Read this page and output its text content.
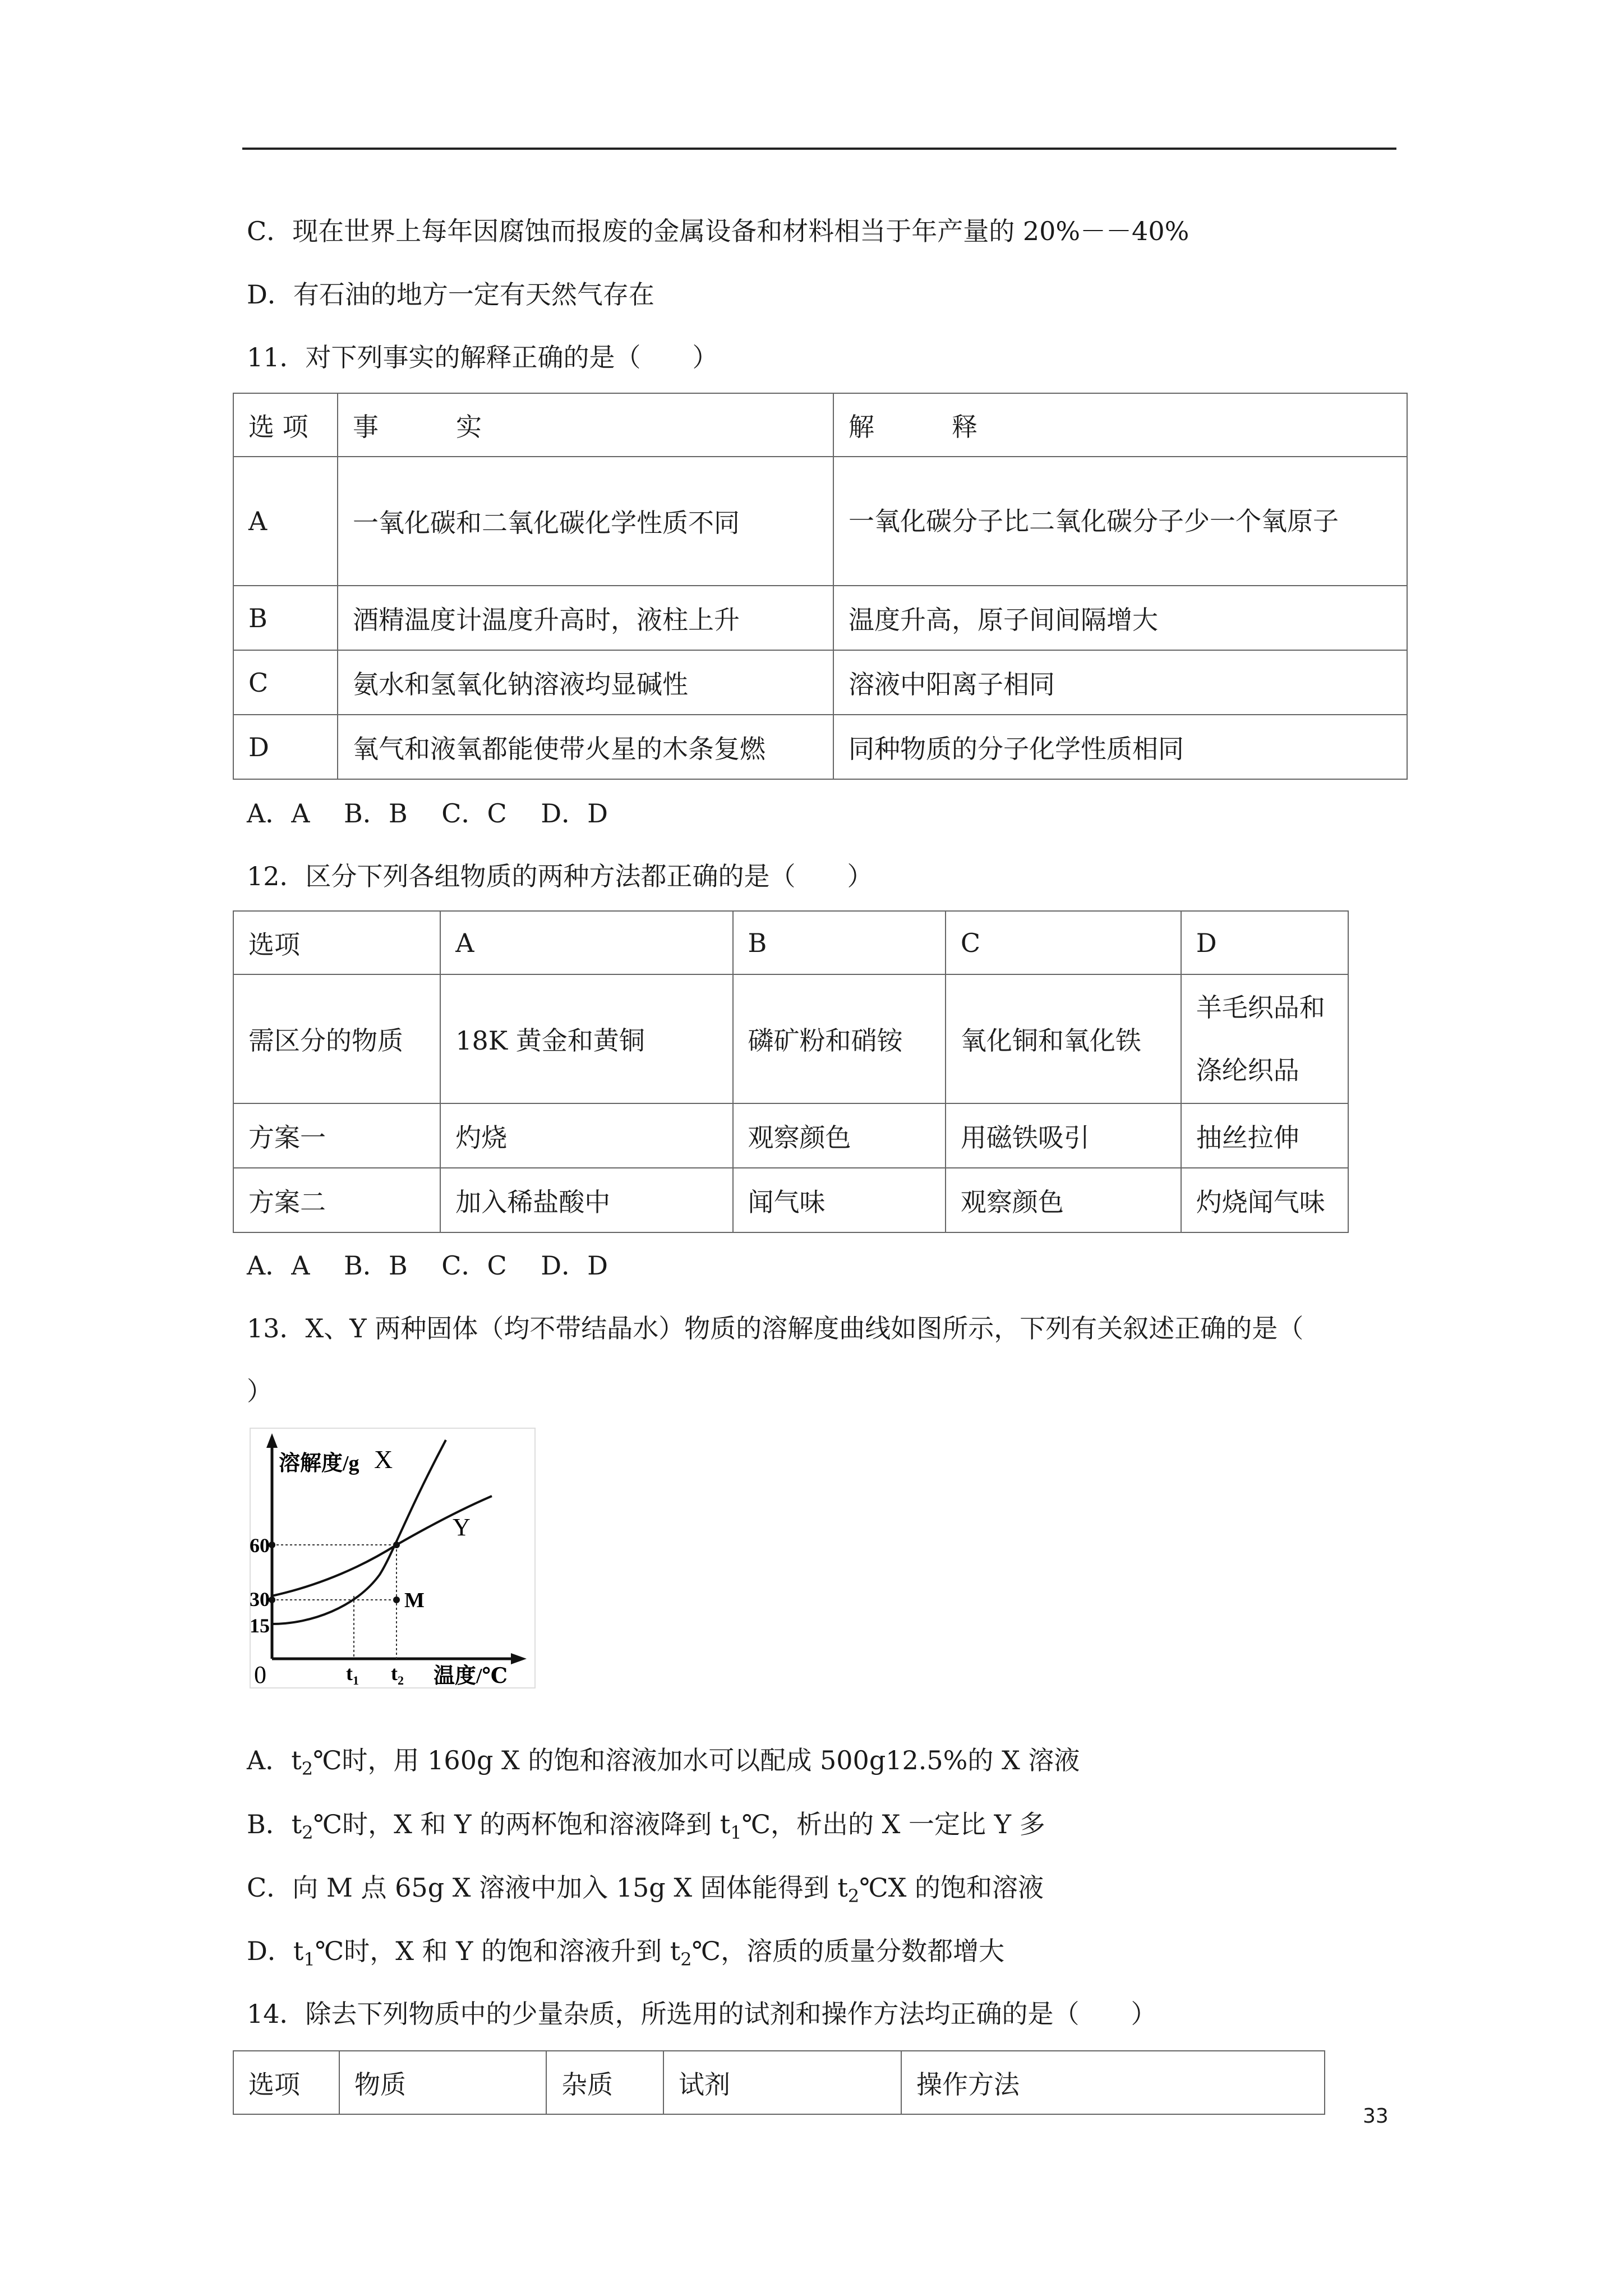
C．现在世界上每年因腐蚀而报废的金属设备和材料相当于年产量的 20%－－40%
D．有石油的地方一定有天然气存在
11．对下列事实的解释正确的是（　　）
选 项	事　　　实	解　　　释
A	一氧化碳和二氧化碳化学性质不同	一氧化碳分子比二氧化碳分子少一个氧原子
B	酒精温度计温度升高时，液柱上升	温度升高，原子间间隔增大
C	氨水和氢氧化钠溶液均显碱性	溶液中阳离子相同
D	氧气和液氧都能使带火星的木条复燃	同种物质的分子化学性质相同
A．A　 B．B　 C．C　 D．D
12．区分下列各组物质的两种方法都正确的是（　　）
选项	A	B	C	D
需区分的物质	18K 黄金和黄铜	磷矿粉和硝铵	氧化铜和氧化铁	羊毛织品和涤纶织品
方案一	灼烧	观察颜色	用磁铁吸引	抽丝拉伸
方案二	加入稀盐酸中	闻气味	观察颜色	灼烧闻气味
A．A　 B．B　 C．C　 D．D
13．X、Y 两种固体（均不带结晶水）物质的溶解度曲线如图所示，下列有关叙述正确的是（
）
溶解度/g X
Y
60
30
15
M
0	$t_1$ $t_2$ 温度/℃
A．$t_2℃$时，用 160g X 的饱和溶液加水可以配成 500g12.5%的 X 溶液
B．$t_2℃$时，X 和 Y 的两杯饱和溶液降到 $t_1℃$，析出的 X 一定比 Y 多
C．向 M 点 65g X 溶液中加入 15g X 固体能得到 $t_2℃X$ 的饱和溶液
D．$t_1℃$时，X 和 Y 的饱和溶液升到 $t_2℃$，溶质的质量分数都增大
14．除去下列物质中的少量杂质，所选用的试剂和操作方法均正确的是（　　）
选项	物质	杂质	试剂	操作方法
33
